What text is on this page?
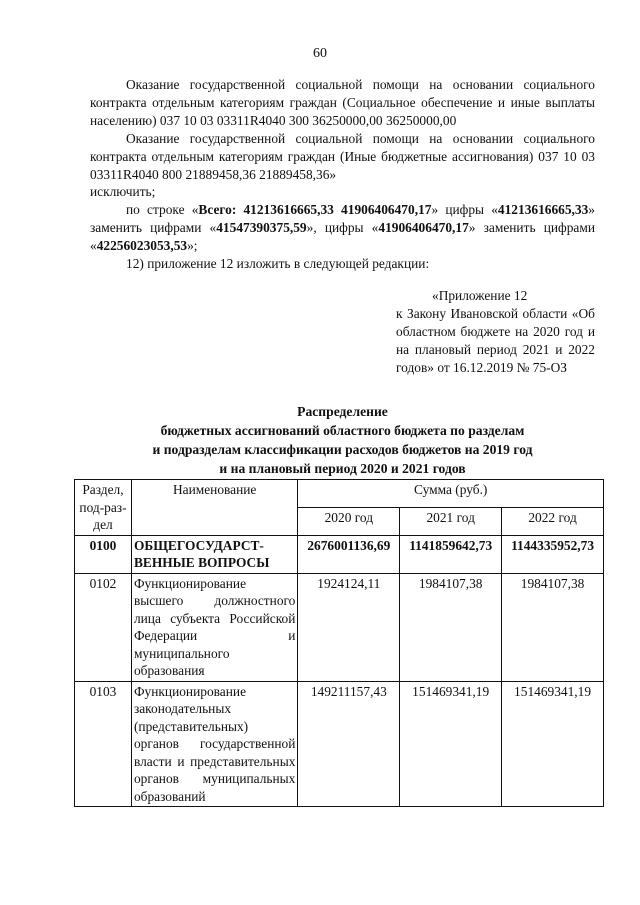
60

Оказание государственной социальной помощи на основании социального контракта отдельным категориям граждан (Социальное обеспечение и иные выплаты населению) 037 10 03 03311R4040 300 36250000,00 36250000,00

Оказание государственной социальной помощи на основании социального контракта отдельным категориям граждан (Иные бюджетные ассигнования) 037 10 03 03311R4040 800 21889458,36 21889458,36»

исключить;

по строке «Всего: 41213616665,33 41906406470,17» цифры «41213616665,33» заменить цифрами «41547390375,59», цифры «41906406470,17» заменить цифрами «42256023053,53»;

12) приложение 12 изложить в следующей редакции:

«Приложение 12
к Закону Ивановской области «Об областном бюджете на 2020 год и на плановый период 2021 и 2022 годов» от 16.12.2019 № 75-ОЗ
Распределение
бюджетных ассигнований областного бюджета по разделам
и подразделам классификации расходов бюджетов на 2019 год
и на плановый период 2020 и 2021 годов
Раздел, под-раз-дел	Наименование	Сумма (руб.)		
		2020 год	2021 год	2022 год
0100	ОБЩЕГОСУДАРСТ-ВЕННЫЕ ВОПРОСЫ	2676001136,69	1141859642,73	1144335952,73
0102	Функционирование высшего должностного лица субъекта Российской Федерации и муниципального образования	1924124,11	1984107,38	1984107,38
0103	Функционирование законодательных (представительных) органов государственной власти и представительных органов муниципальных образований	149211157,43	151469341,19	151469341,19
